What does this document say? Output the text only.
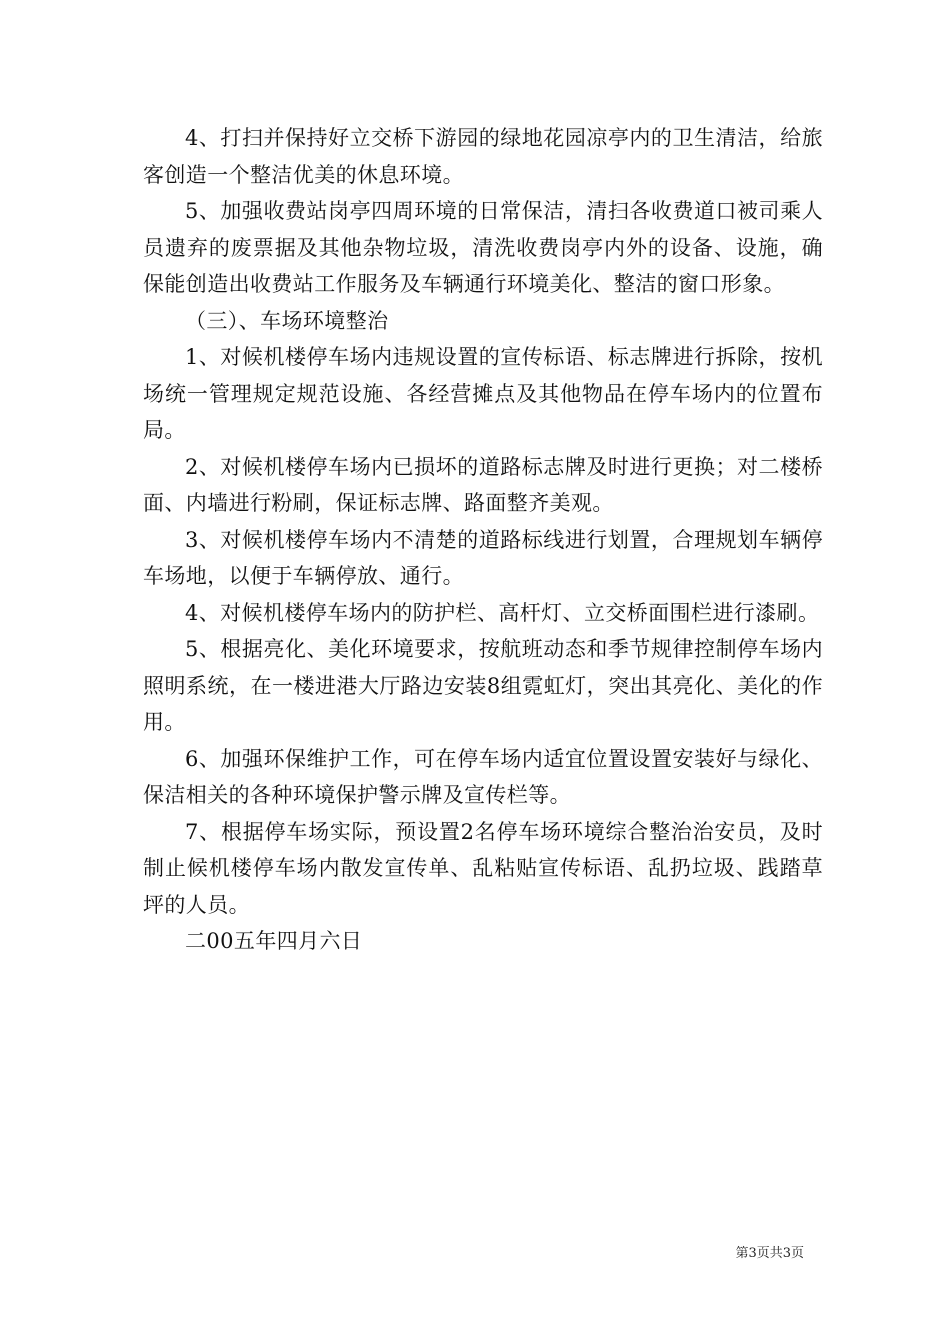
4、打扫并保持好立交桥下游园的绿地花园凉亭内的卫生清洁，给旅客创造一个整洁优美的休息环境。

5、加强收费站岗亭四周环境的日常保洁，清扫各收费道口被司乘人员遗弃的废票据及其他杂物垃圾，清洗收费岗亭内外的设备、设施，确保能创造出收费站工作服务及车辆通行环境美化、整洁的窗口形象。

（三）、车场环境整治

1、对候机楼停车场内违规设置的宣传标语、标志牌进行拆除，按机场统一管理规定规范设施、各经营摊点及其他物品在停车场内的位置布局。

2、对候机楼停车场内已损坏的道路标志牌及时进行更换；对二楼桥面、内墙进行粉刷，保证标志牌、路面整齐美观。

3、对候机楼停车场内不清楚的道路标线进行划置，合理规划车辆停车场地，以便于车辆停放、通行。

4、对候机楼停车场内的防护栏、高杆灯、立交桥面围栏进行漆刷。

5、根据亮化、美化环境要求，按航班动态和季节规律控制停车场内照明系统，在一楼进港大厅路边安装8组霓虹灯，突出其亮化、美化的作用。

6、加强环保维护工作，可在停车场内适宜位置设置安装好与绿化、保洁相关的各种环境保护警示牌及宣传栏等。

7、根据停车场实际，预设置2名停车场环境综合整治治安员，及时制止候机楼停车场内散发宣传单、乱粘贴宣传标语、乱扔垃圾、践踏草坪的人员。

二00五年四月六日

第3页共3页
